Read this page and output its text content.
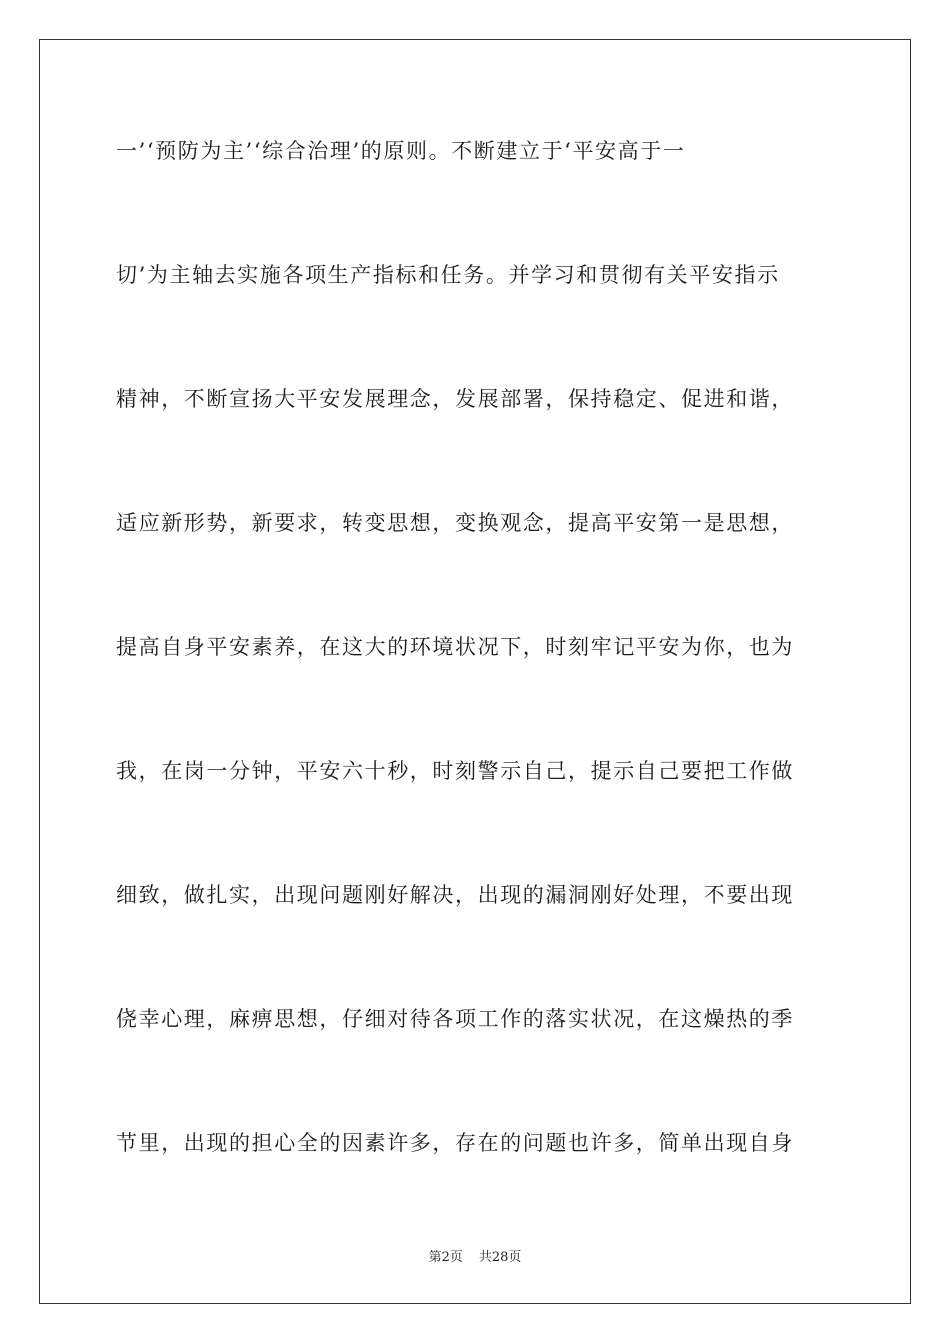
一’‘预防为主’‘综合治理’的原则。不断建立于‘平安高于一
切’为主轴去实施各项生产指标和任务。并学习和贯彻有关平安指示
精神，不断宣扬大平安发展理念，发展部署，保持稳定、促进和谐，
适应新形势，新要求，转变思想，变换观念，提高平安第一是思想，
提高自身平安素养，在这大的环境状况下，时刻牢记平安为你，也为
我，在岗一分钟，平安六十秒，时刻警示自己，提示自己要把工作做
细致，做扎实，出现问题刚好解决，出现的漏洞刚好处理，不要出现
侥幸心理，麻痹思想，仔细对待各项工作的落实状况，在这燥热的季
节里，出现的担心全的因素许多，存在的问题也许多，简单出现自身
第2页 共28页
